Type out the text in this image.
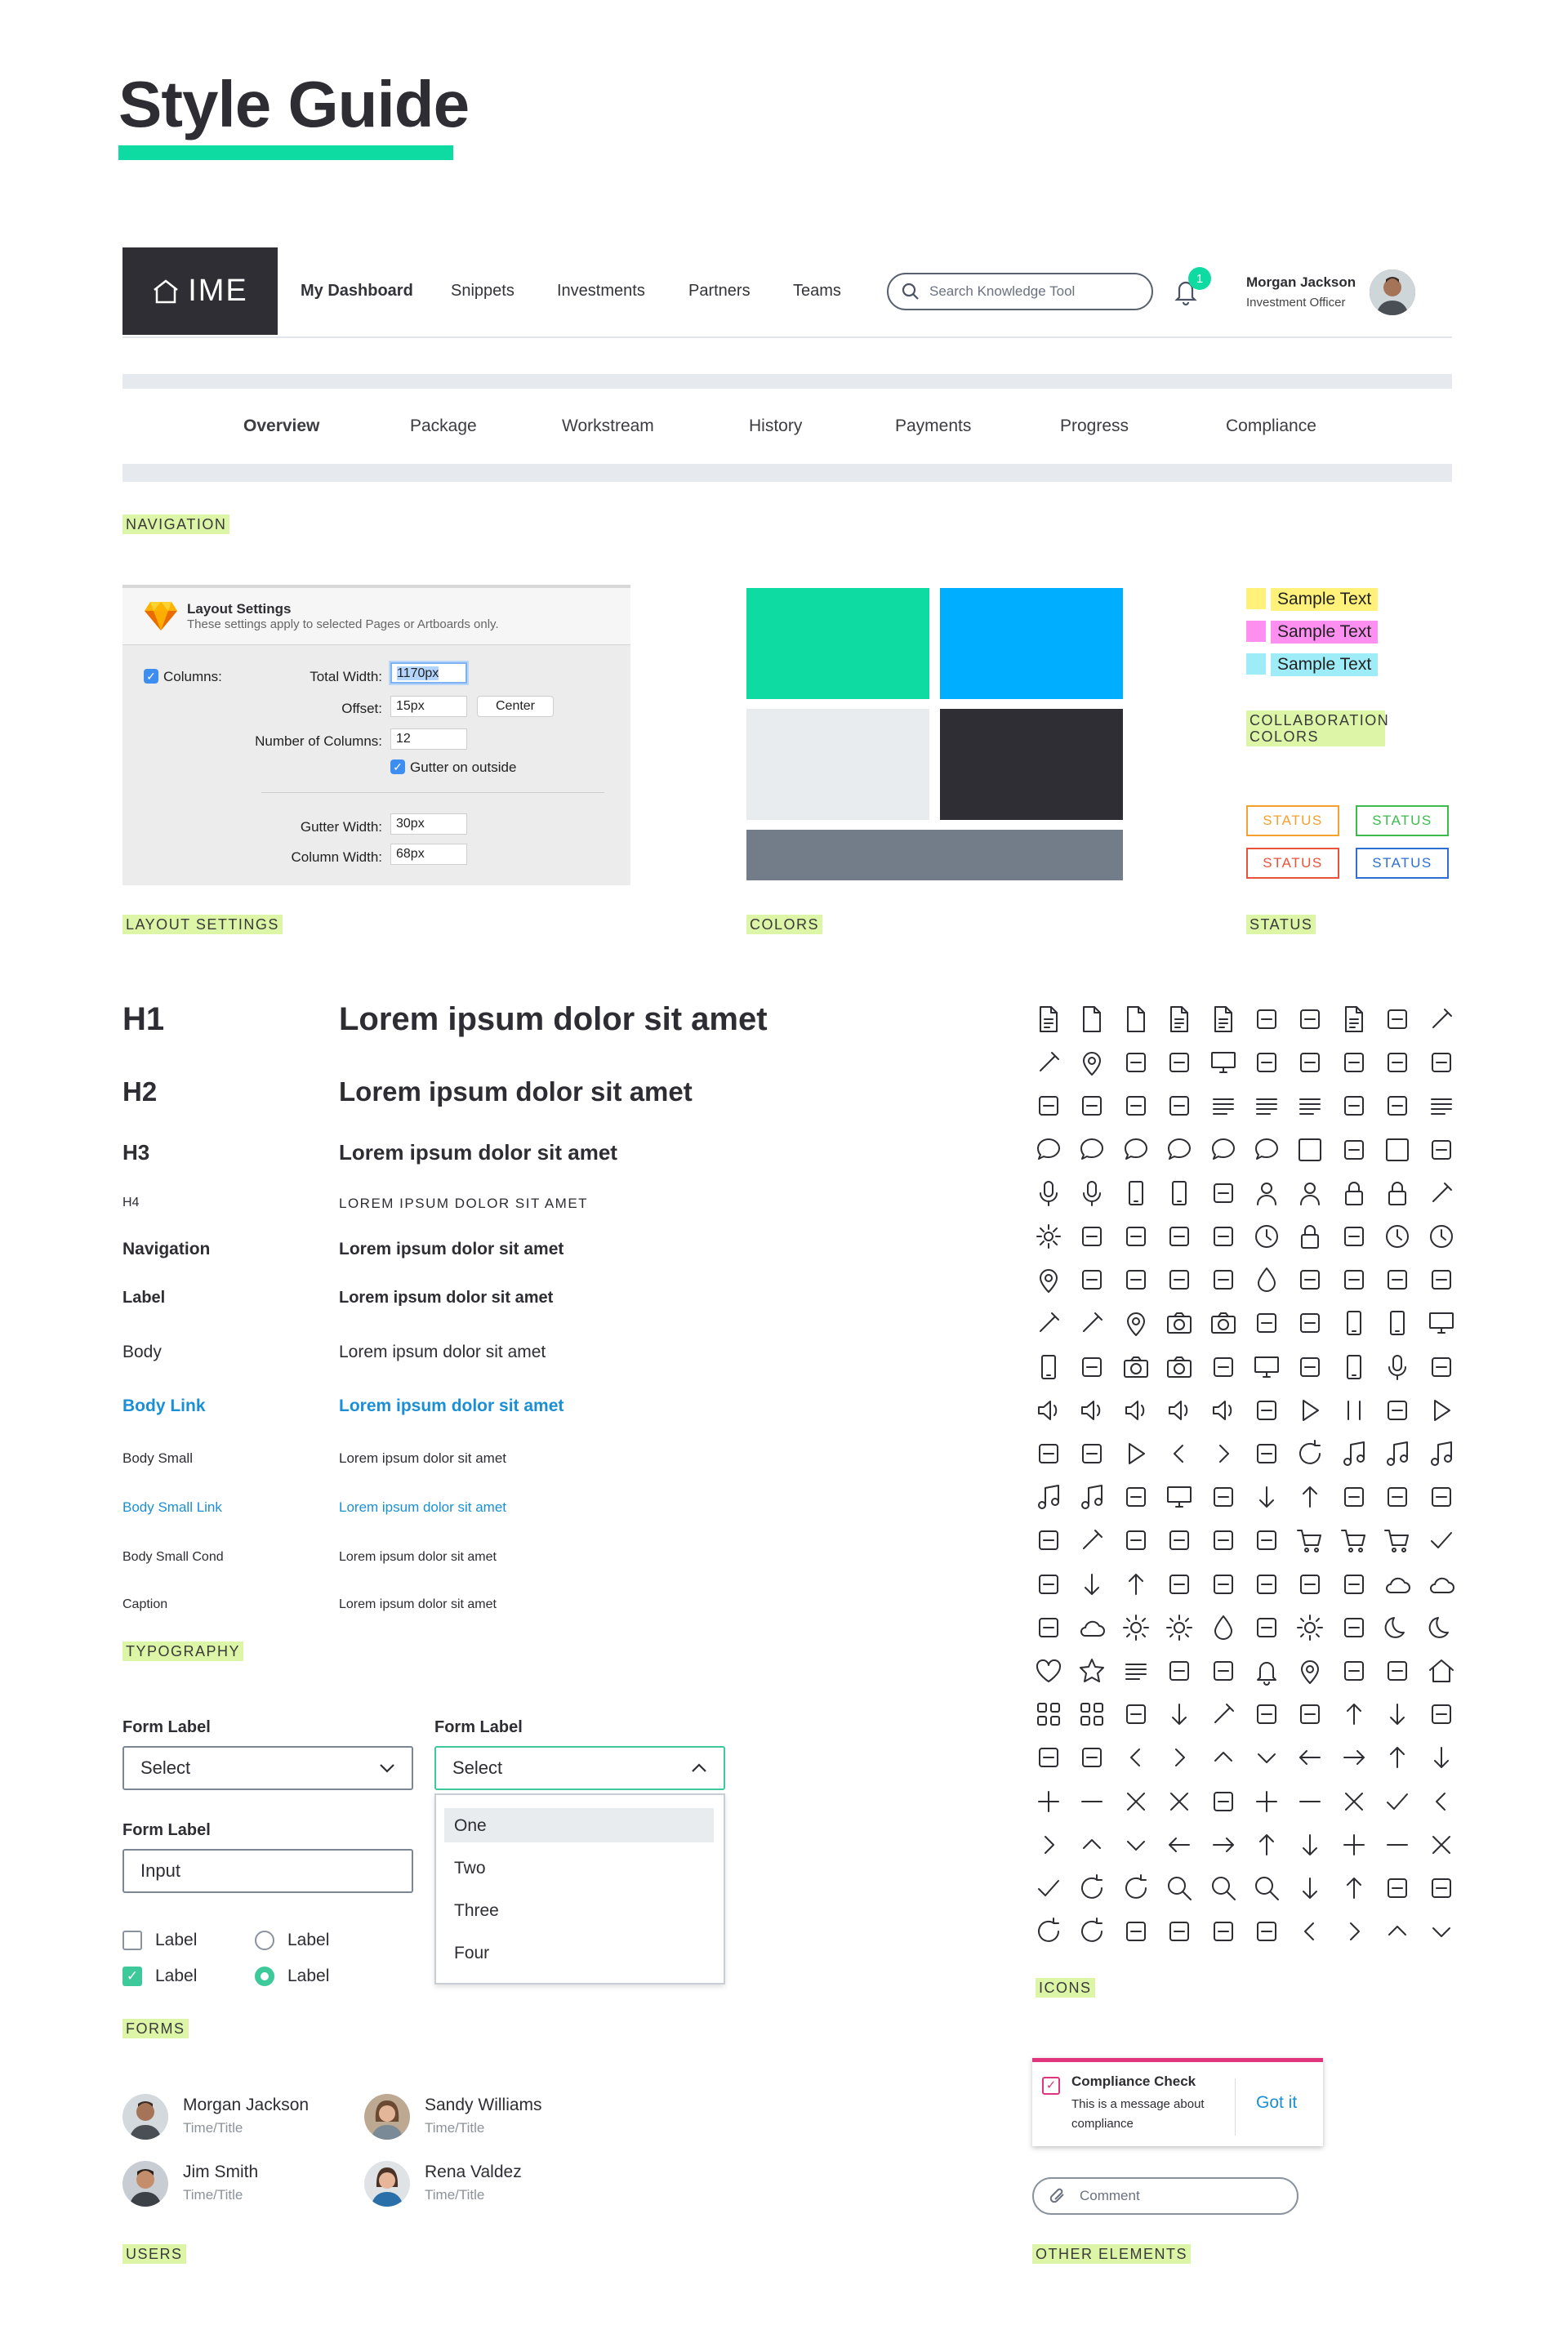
Style Guide
IME	My Dashboard Snippets	Investments	Partners	Teams	Search Knowledge Tool
1	Morgan Jackson
Investment Officer
Overview	Package	Workstream	History	Payments	Progress	Compliance
NAVIGATION
Layout Settings
These settings apply to selected Pages or Artboards only.
✓ Columns:	Total Width:	1170px
Offset:	15px	Center
Number of Columns:	12
✓ Gutter on outside
Gutter Width:	30px
Column Width:	68px
LAYOUT SETTINGS	COLORS
Sample Text
Sample Text
Sample Text
COLLABORATION COLORS
STATUS	STATUS
STATUS	STATUS
STATUS
H1	Lorem ipsum dolor sit amet
H2	Lorem ipsum dolor sit amet
H3	Lorem ipsum dolor sit amet
H4	LOREM IPSUM DOLOR SIT AMET
Navigation	Lorem ipsum dolor sit amet
Label	Lorem ipsum dolor sit amet
Body	Lorem ipsum dolor sit amet
Body Link	Lorem ipsum dolor sit amet
Body Small	Lorem ipsum dolor sit amet
Body Small Link	Lorem ipsum dolor sit amet
Body Small Cond	Lorem ipsum dolor sit amet
Caption	Lorem ipsum dolor sit amet
TYPOGRAPHY
Form Label
Select
Form Label
Select
One
Two
Three
Four
Form Label
Input
Label
✓ Label
Label
Label
FORMS
Morgan Jackson
Time/Title
Sandy Williams
Time/Title
Jim Smith
Time/Title
Rena Valdez
Time/Title
USERS
ICONS
✓ Compliance Check
This is a message about compliance
Got it
Comment
OTHER ELEMENTS
